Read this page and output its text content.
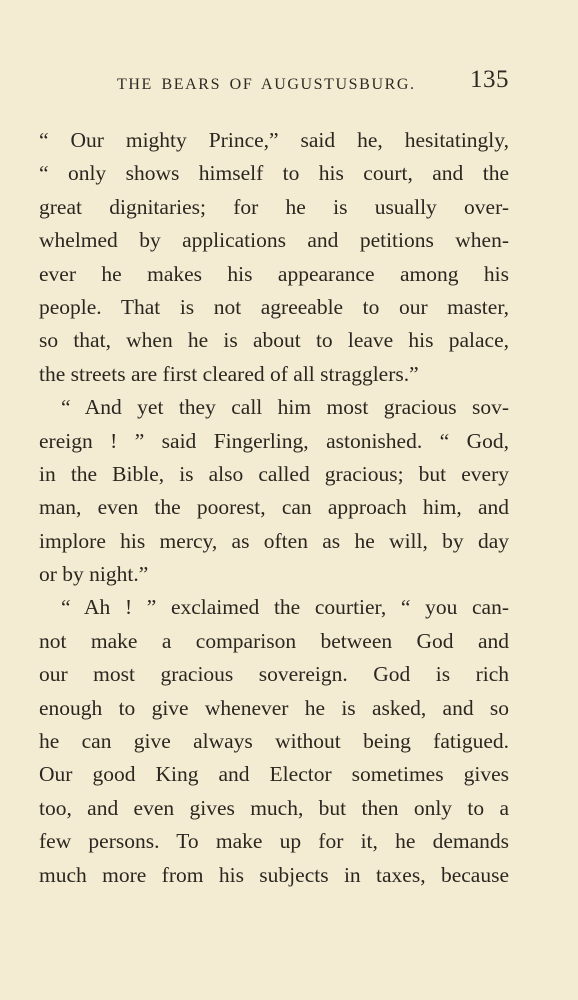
THE BEARS OF AUGUSTUSBURG. 135
“ Our mighty Prince,” said he, hesitatingly,
“ only shows himself to his court, and the
great dignitaries; for he is usually over-
whelmed by applications and petitions when-
ever he makes his appearance among his
people. That is not agreeable to our master,
so that, when he is about to leave his palace,
the streets are first cleared of all stragglers.”
“ And yet they call him most gracious sov-
ereign ! ” said Fingerling, astonished. “ God,
in the Bible, is also called gracious; but every
man, even the poorest, can approach him, and
implore his mercy, as often as he will, by day
or by night.”
“ Ah ! ” exclaimed the courtier, “ you can-
not make a comparison between God and
our most gracious sovereign. God is rich
enough to give whenever he is asked, and so
he can give always without being fatigued.
Our good King and Elector sometimes gives
too, and even gives much, but then only to a
few persons. To make up for it, he demands
much more from his subjects in taxes, because
